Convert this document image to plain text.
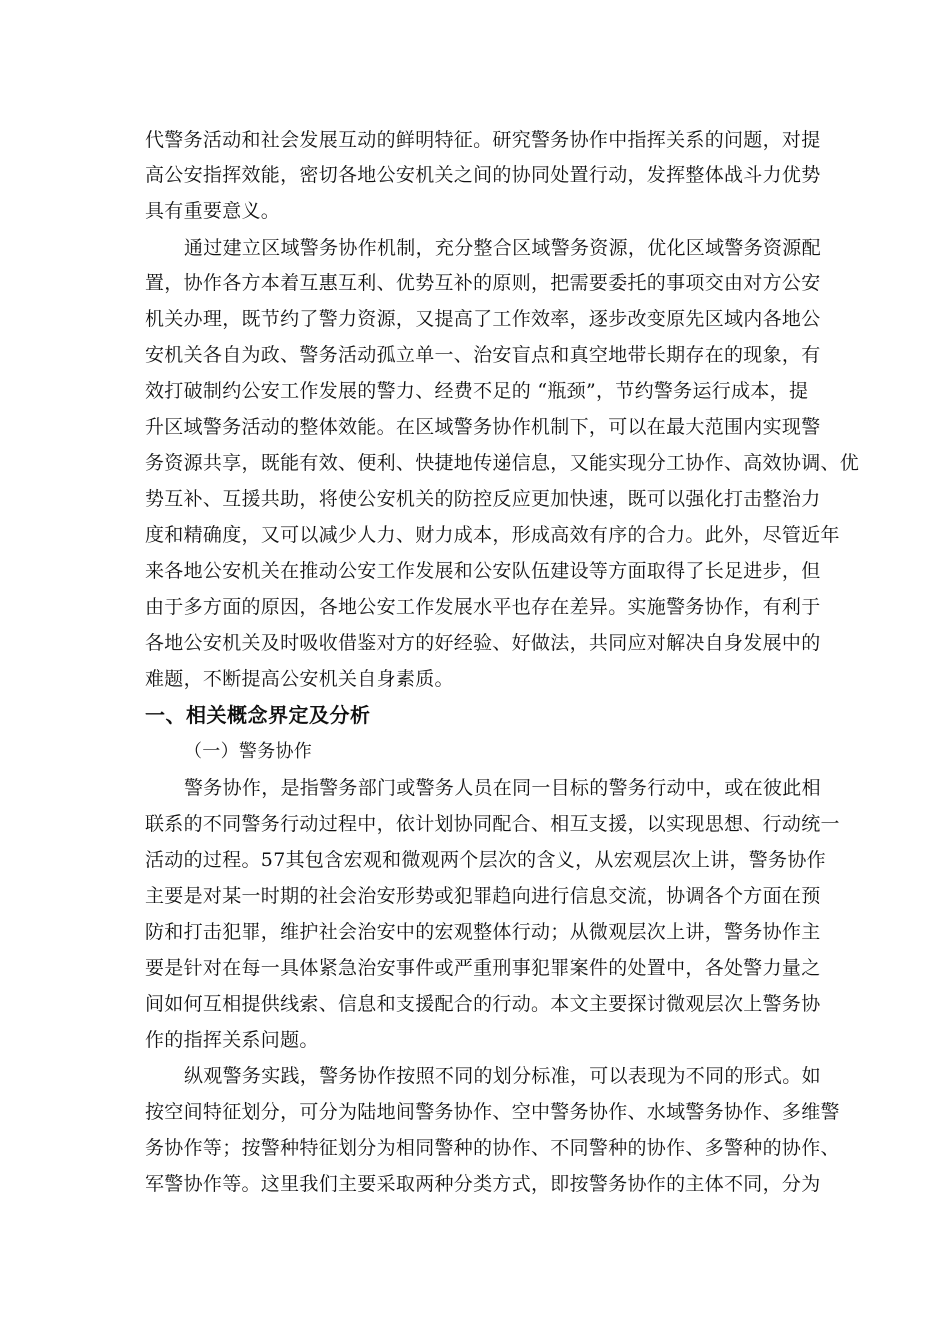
代警务活动和社会发展互动的鲜明特征。研究警务协作中指挥关系的问题，对提
高公安指挥效能，密切各地公安机关之间的协同处置行动，发挥整体战斗力优势
具有重要意义。
通过建立区域警务协作机制，充分整合区域警务资源，优化区域警务资源配
置，协作各方本着互惠互利、优势互补的原则，把需要委托的事项交由对方公安
机关办理，既节约了警力资源，又提高了工作效率，逐步改变原先区域内各地公
安机关各自为政、警务活动孤立单一、治安盲点和真空地带长期存在的现象，有
效打破制约公安工作发展的警力、经费不足的 “瓶颈”，节约警务运行成本，提
升区域警务活动的整体效能。在区域警务协作机制下，可以在最大范围内实现警
务资源共享，既能有效、便利、快捷地传递信息，又能实现分工协作、高效协调、优
势互补、互援共助，将使公安机关的防控反应更加快速，既可以强化打击整治力
度和精确度，又可以减少人力、财力成本，形成高效有序的合力。此外，尽管近年
来各地公安机关在推动公安工作发展和公安队伍建设等方面取得了长足进步，但
由于多方面的原因，各地公安工作发展水平也存在差异。实施警务协作，有利于
各地公安机关及时吸收借鉴对方的好经验、好做法，共同应对解决自身发展中的
难题，不断提高公安机关自身素质。
一、相关概念界定及分析
（一）警务协作
警务协作，是指警务部门或警务人员在同一目标的警务行动中，或在彼此相
联系的不同警务行动过程中，依计划协同配合、相互支援，以实现思想、行动统一
活动的过程。57其包含宏观和微观两个层次的含义，从宏观层次上讲，警务协作
主要是对某一时期的社会治安形势或犯罪趋向进行信息交流，协调各个方面在预
防和打击犯罪，维护社会治安中的宏观整体行动；从微观层次上讲，警务协作主
要是针对在每一具体紧急治安事件或严重刑事犯罪案件的处置中，各处警力量之
间如何互相提供线索、信息和支援配合的行动。本文主要探讨微观层次上警务协
作的指挥关系问题。
纵观警务实践，警务协作按照不同的划分标准，可以表现为不同的形式。如
按空间特征划分，可分为陆地间警务协作、空中警务协作、水域警务协作、多维警
务协作等；按警种特征划分为相同警种的协作、不同警种的协作、多警种的协作、
军警协作等。这里我们主要采取两种分类方式，即按警务协作的主体不同，分为
